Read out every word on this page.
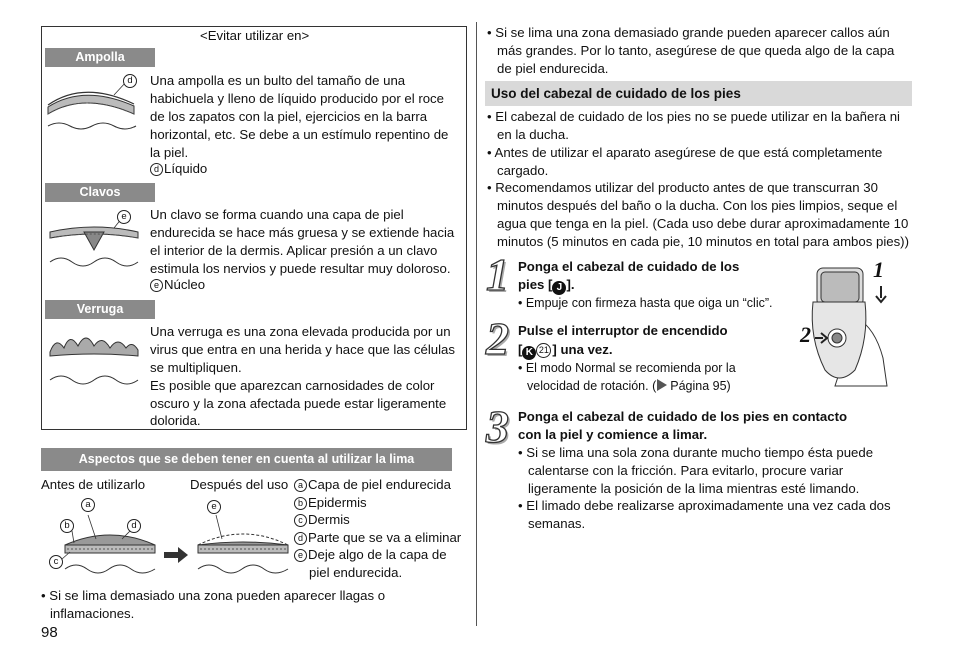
<Evitar utilizar en>
Ampolla
d	Una ampolla es un bulto del tamaño de una
habichuela y lleno de líquido producido por el roce
de los zapatos con la piel, ejercicios en la barra
horizontal, etc. Se debe a un estímulo repentino de
la piel.
d Líquido
Clavos
e	Un clavo se forma cuando una capa de piel
endurecida se hace más gruesa y se extiende hacia
el interior de la dermis. Aplicar presión a un clavo
estimula los nervios y puede resultar muy doloroso.
e Núcleo
Verruga
Una verruga es una zona elevada producida por un
virus que entra en una herida y hace que las células
se multipliquen.
Es posible que aparezcan carnosidades de color
oscuro y la zona afectada puede estar ligeramente
dolorida.
Aspectos que se deben tener en cuenta al utilizar la lima
Antes de utilizarlo	Después del uso
a
b	d
c
e
a Capa de piel endurecida
b Epidermis
c Dermis
d Parte que se va a eliminar
e Deje algo de la capa de
piel endurecida.
• Si se lima demasiado una zona pueden aparecer llagas o
inflamaciones.
98
• Si se lima una zona demasiado grande pueden aparecer callos aún
más grandes. Por lo tanto, asegúrese de que queda algo de la capa
de piel endurecida.
Uso del cabezal de cuidado de los pies
• El cabezal de cuidado de los pies no se puede utilizar en la bañera ni
en la ducha.
• Antes de utilizar el aparato asegúrese de que está completamente
cargado.
• Recomendamos utilizar del producto antes de que transcurran 30
minutos después del baño o la ducha. Con los pies limpios, seque el
agua que tenga en la piel. (Cada uso debe durar aproximadamente 10
minutos (5 minutos en cada pie, 10 minutos en total para ambos pies))
1 Ponga el cabezal de cuidado de los
pies [ J ].
• Empuje con firmeza hasta que oiga un “clic”.
2 Pulse el interruptor de encendido
[ K 21 ] una vez.
• El modo Normal se recomienda por la
velocidad de rotación. ( Página 95)
1
2
3 Ponga el cabezal de cuidado de los pies en contacto
con la piel y comience a limar.
• Si se lima una sola zona durante mucho tiempo ésta puede
calentarse con la fricción. Para evitarlo, procure variar
ligeramente la posición de la lima mientras esté limando.
• El limado debe realizarse aproximadamente una vez cada dos
semanas.
